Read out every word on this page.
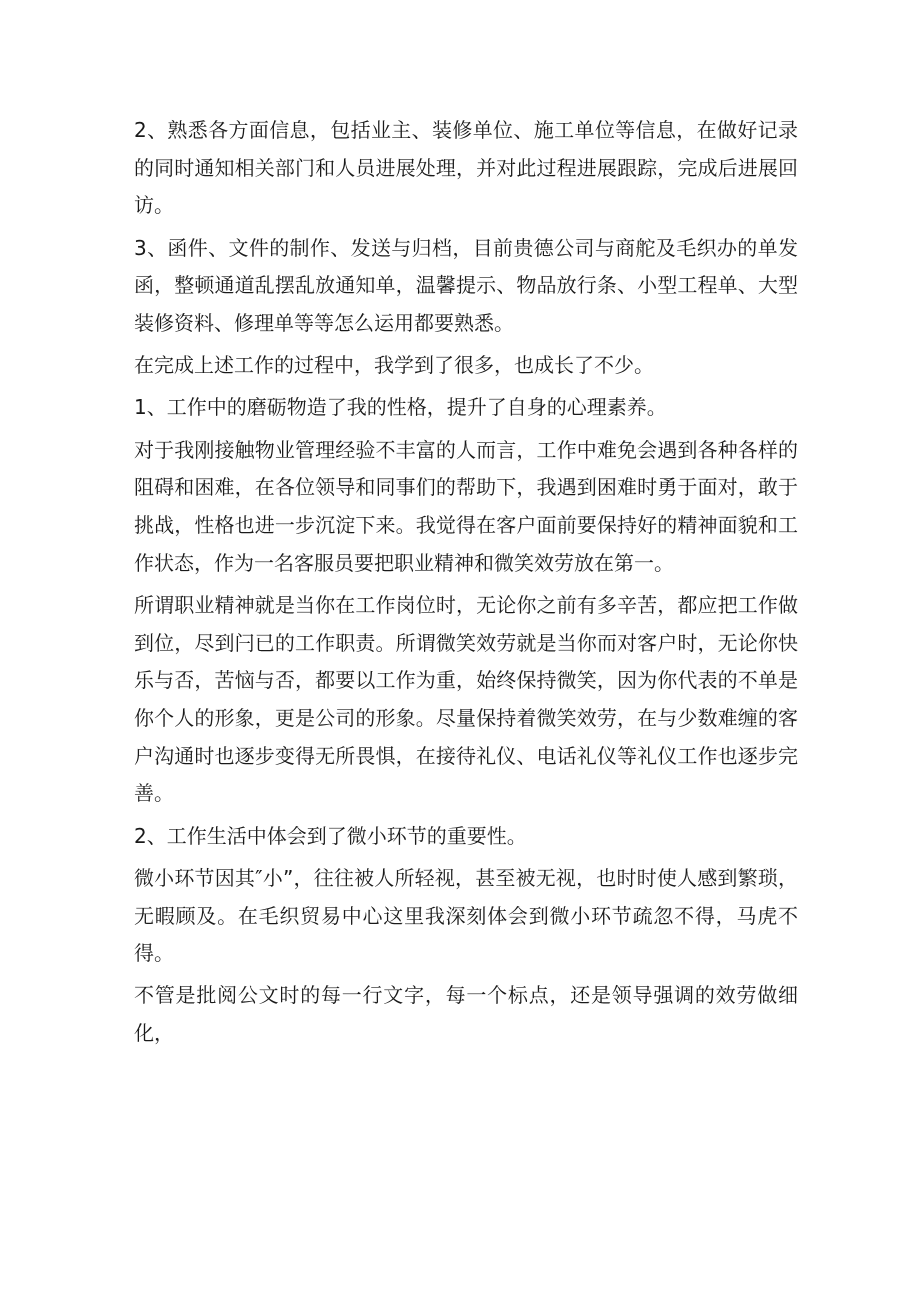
2、熟悉各方面信息，包括业主、装修单位、施工单位等信息，在做好记录的同时通知相关部门和人员进展处理，并对此过程进展跟踪，完成后进展回访。

3、函件、文件的制作、发送与归档，目前贵德公司与商舵及毛织办的单发函，整顿通道乱摆乱放通知单，温馨提示、物品放行条、小型工程单、大型装修资料、修理单等等怎么运用都要熟悉。

在完成上述工作的过程中，我学到了很多，也成长了不少。

1、工作中的磨砺物造了我的性格，提升了自身的心理素养。

对于我刚接触物业管理经验不丰富的人而言，工作中难免会遇到各种各样的阻碍和困难，在各位领导和同事们的帮助下，我遇到困难时勇于面对，敢于挑战，性格也进一步沉淀下来。我觉得在客户面前要保持好的精神面貌和工作状态，作为一名客服员要把职业精神和微笑效劳放在第一。

所谓职业精神就是当你在工作岗位时，无论你之前有多辛苦，都应把工作做到位，尽到闩已的工作职责。所谓微笑效劳就是当你而对客户时，无论你快乐与否，苦恼与否，都要以工作为重，始终保持微笑，因为你代表的不单是你个人的形象，更是公司的形象。尽量保持着微笑效劳，在与少数难缠的客户沟通时也逐步变得无所畏惧，在接待礼仪、电话礼仪等礼仪工作也逐步完善。

2、工作生活中体会到了微小环节的重要性。

微小环节因其″小”，往往被人所轻视，甚至被无视，也时时使人感到繁琐，无暇顾及。在毛织贸易中心这里我深刻体会到微小环节疏忽不得，马虎不得。

不管是批阅公文时的每一行文字，每一个标点，还是领导强调的效劳做细化，
